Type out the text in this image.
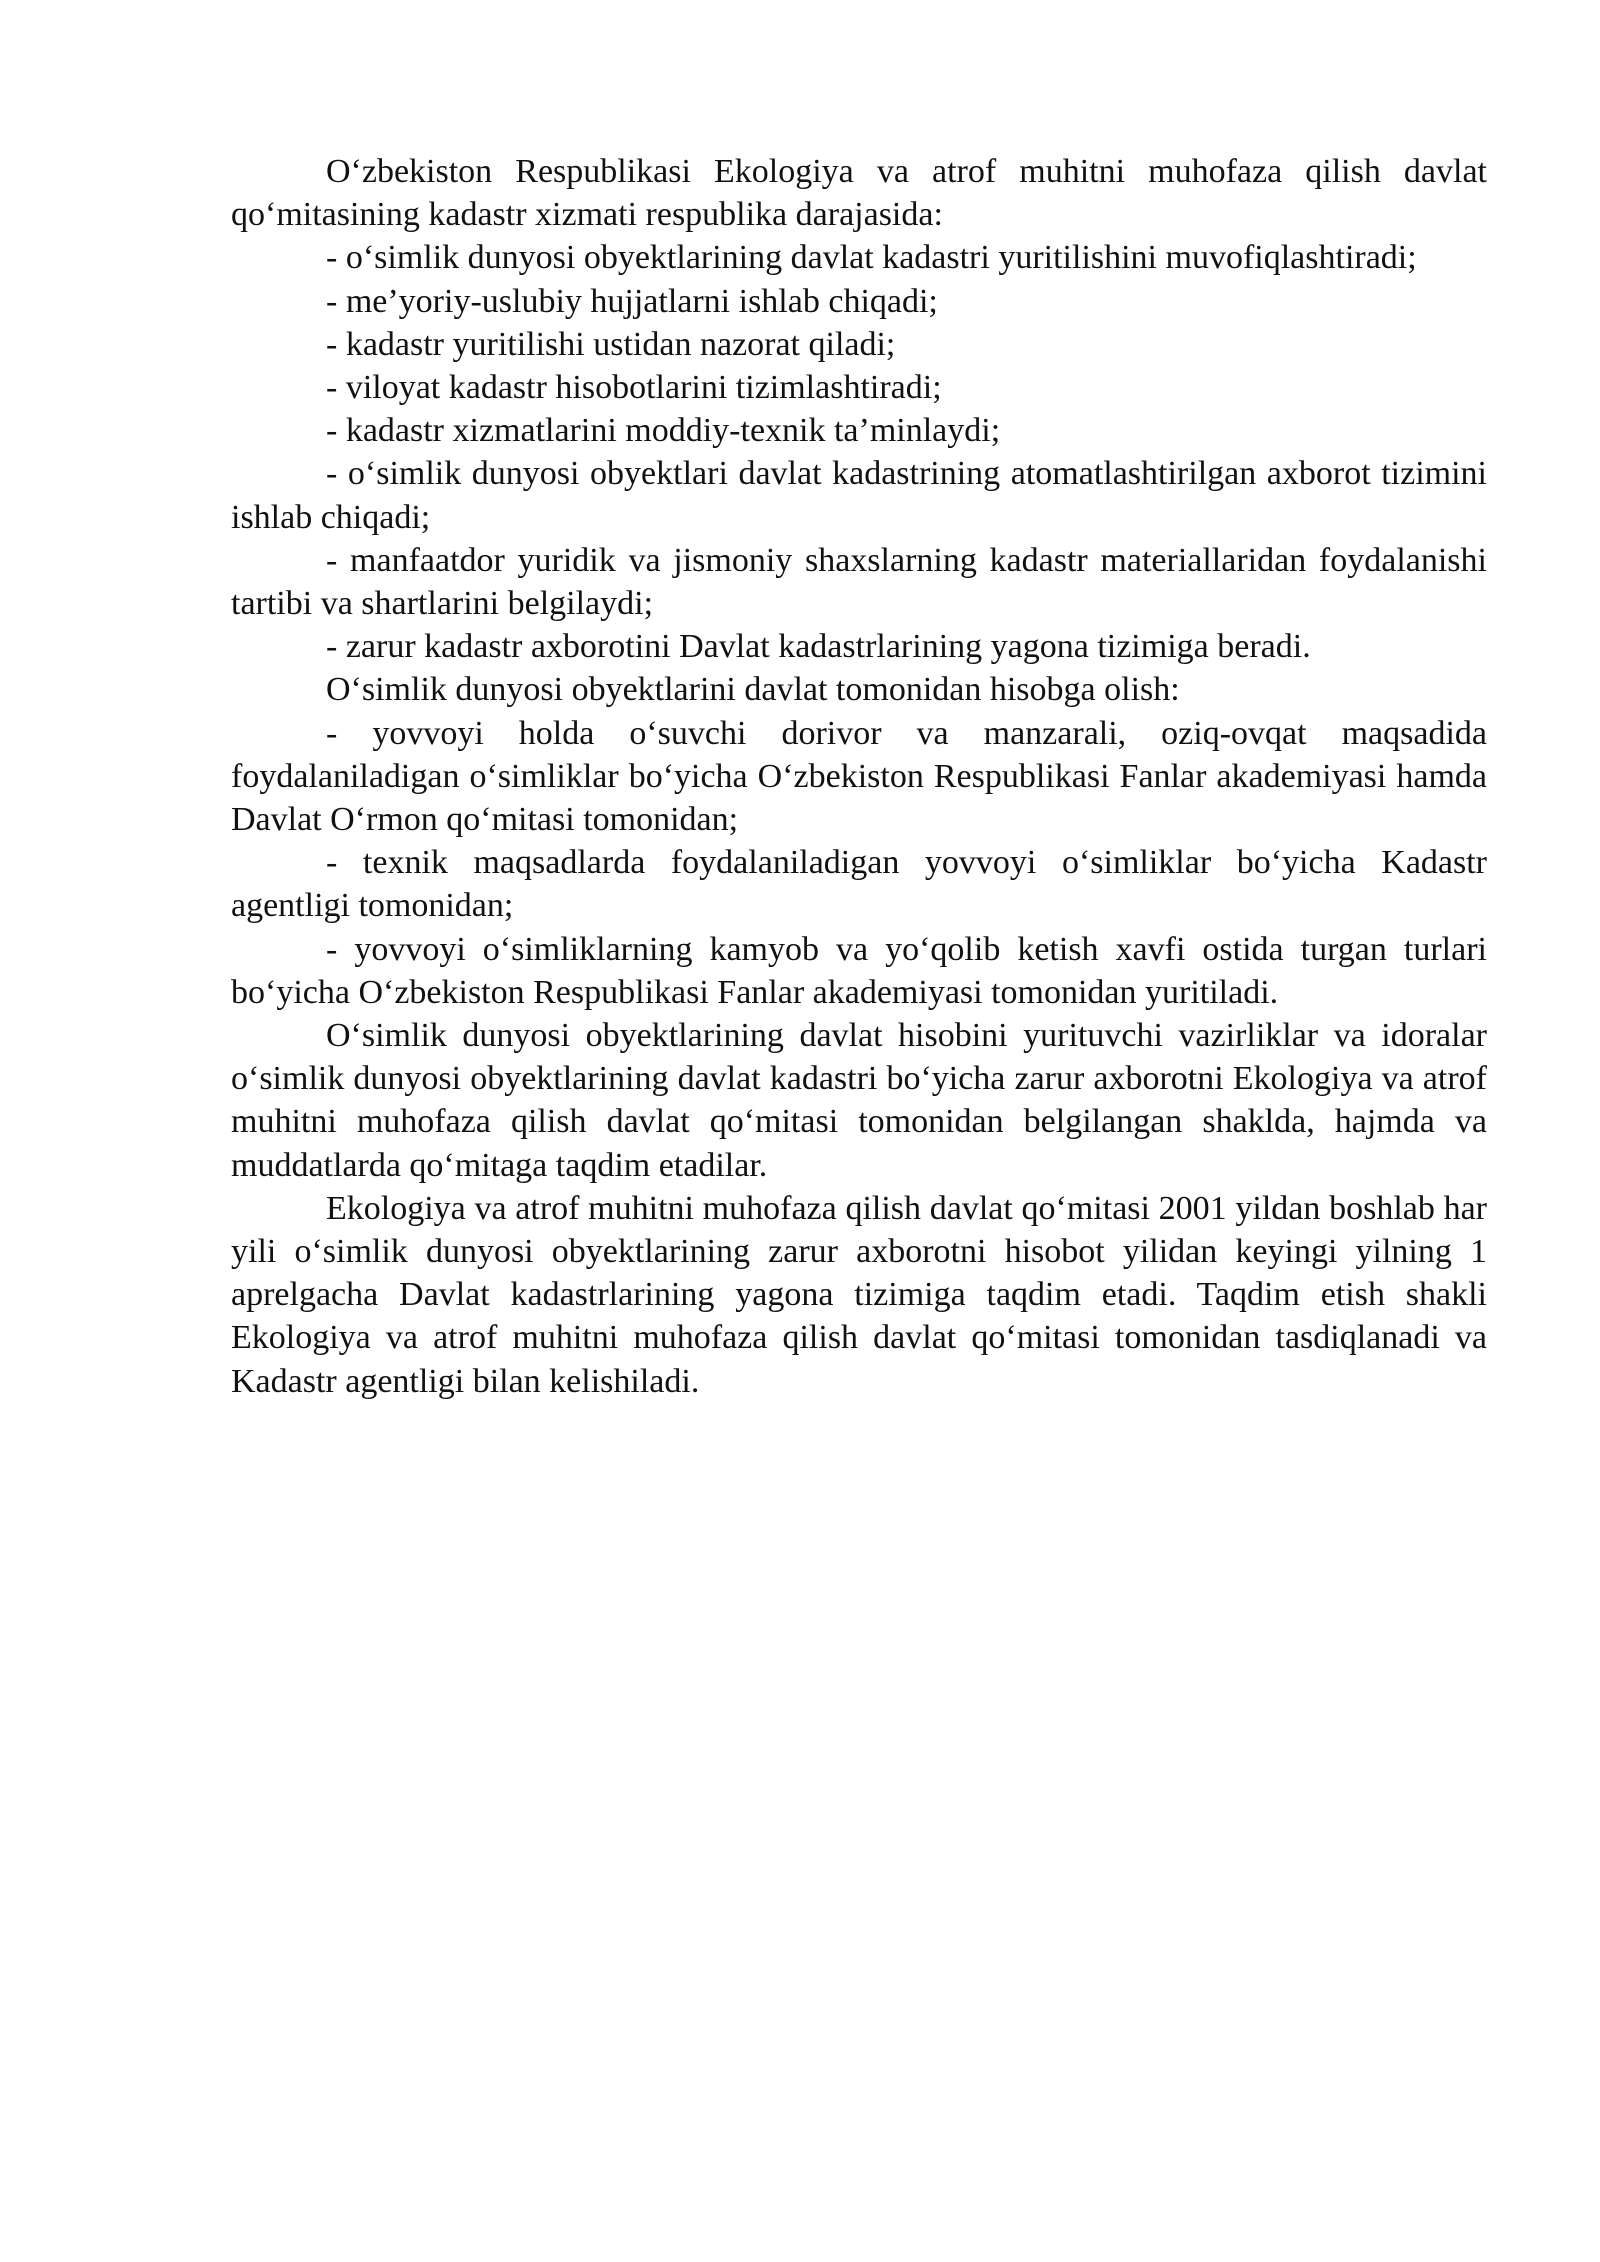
O‘zbekiston Respublikasi Ekologiya va atrof muhitni muhofaza qilish davlat qo‘mitasining kadastr xizmati respublika darajasida:

- o‘simlik dunyosi obyektlarining davlat kadastri yuritilishini muvofiqlashtiradi;

- me’yoriy-uslubiy hujjatlarni ishlab chiqadi;

- kadastr yuritilishi ustidan nazorat qiladi;

- viloyat kadastr hisobotlarini tizimlashtiradi;

- kadastr xizmatlarini moddiy-texnik ta’minlaydi;

- o‘simlik dunyosi obyektlari davlat kadastrining atomatlashtirilgan axborot tizimini ishlab chiqadi;

- manfaatdor yuridik va jismoniy shaxslarning kadastr materiallaridan foydalanishi tartibi va shartlarini belgilaydi;

- zarur kadastr axborotini Davlat kadastrlarining yagona tizimiga beradi.

O‘simlik dunyosi obyektlarini davlat tomonidan hisobga olish:

- yovvoyi holda o‘suvchi dorivor va manzarali, oziq-ovqat maqsadida foydalaniladigan o‘simliklar bo‘yicha O‘zbekiston Respublikasi Fanlar akademiyasi hamda Davlat O‘rmon qo‘mitasi tomonidan;

- texnik maqsadlarda foydalaniladigan yovvoyi o‘simliklar bo‘yicha Kadastr agentligi tomonidan;

- yovvoyi o‘simliklarning kamyob va yo‘qolib ketish xavfi ostida turgan turlari bo‘yicha O‘zbekiston Respublikasi Fanlar akademiyasi tomonidan yuritiladi.

O‘simlik dunyosi obyektlarining davlat hisobini yurituvchi vazirliklar va idoralar o‘simlik dunyosi obyektlarining davlat kadastri bo‘yicha zarur axborotni Ekologiya va atrof muhitni muhofaza qilish davlat qo‘mitasi tomonidan belgilangan shaklda, hajmda va muddatlarda qo‘mitaga taqdim etadilar.

Ekologiya va atrof muhitni muhofaza qilish davlat qo‘mitasi 2001 yildan boshlab har yili o‘simlik dunyosi obyektlarining zarur axborotni hisobot yilidan keyingi yilning 1 aprelgacha Davlat kadastrlarining yagona tizimiga taqdim etadi. Taqdim etish shakli Ekologiya va atrof muhitni muhofaza qilish davlat qo‘mitasi tomonidan tasdiqlanadi va Kadastr agentligi bilan kelishiladi.
